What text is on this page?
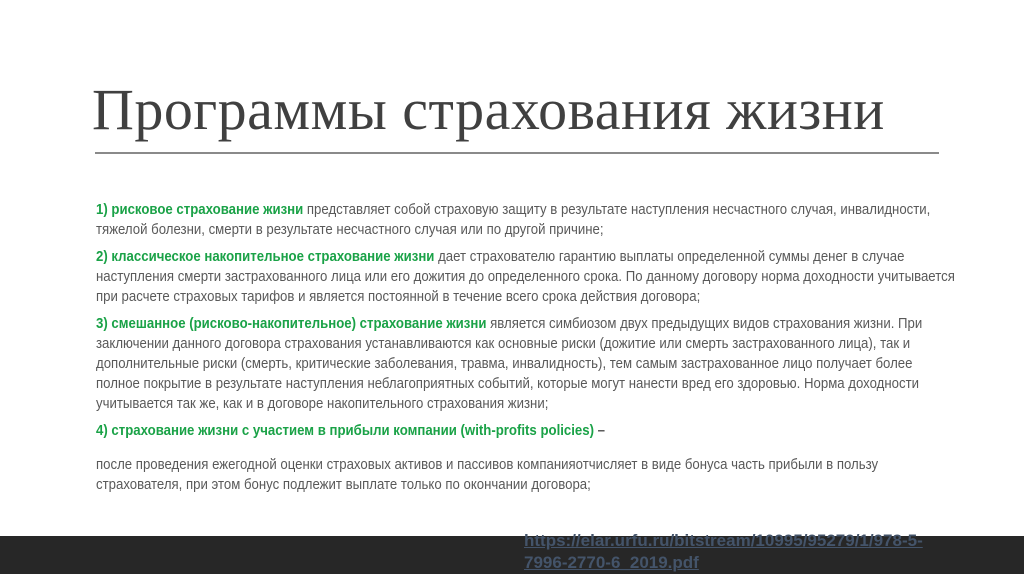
Программы страхования жизни
1) рисковое страхование жизни представляет собой страховую защиту в результате наступления несчастного случая, инвалидности,
тяжелой болезни, смерти в результате несчастного случая или по другой причине;
2) классическое накопительное страхование жизни дает страхователю гарантию выплаты определенной суммы денег в случае
наступления смерти застрахованного лица или его дожития до определенного срока. По данному договору норма доходности учитывается
при расчете страховых тарифов и является постоянной в течение всего срока действия договора;
3) смешанное (рисково-накопительное) страхование жизни является симбиозом двух предыдущих видов страхования жизни. При
заключении данного договора страхования устанавливаются как основные риски (дожитие или смерть застрахованного лица), так и
дополнительные риски (смерть, критические заболевания, травма, инвалидность), тем самым застрахованное лицо получает более
полное покрытие в результате наступления неблагоприятных событий, которые могут нанести вред его здоровью. Норма доходности
учитывается так же, как и в договоре накопительного страхования жизни;
4) страхование жизни с участием в прибыли компании (with-profits policies) –
после проведения ежегодной оценки страховых активов и пассивов компанияотчисляет в виде бонуса часть прибыли в пользу
страхователя, при этом бонус подлежит выплате только по окончании договора;
https://elar.urfu.ru/bitstream/10995/95279/1/978-5-
7996-2770-6_2019.pdf
